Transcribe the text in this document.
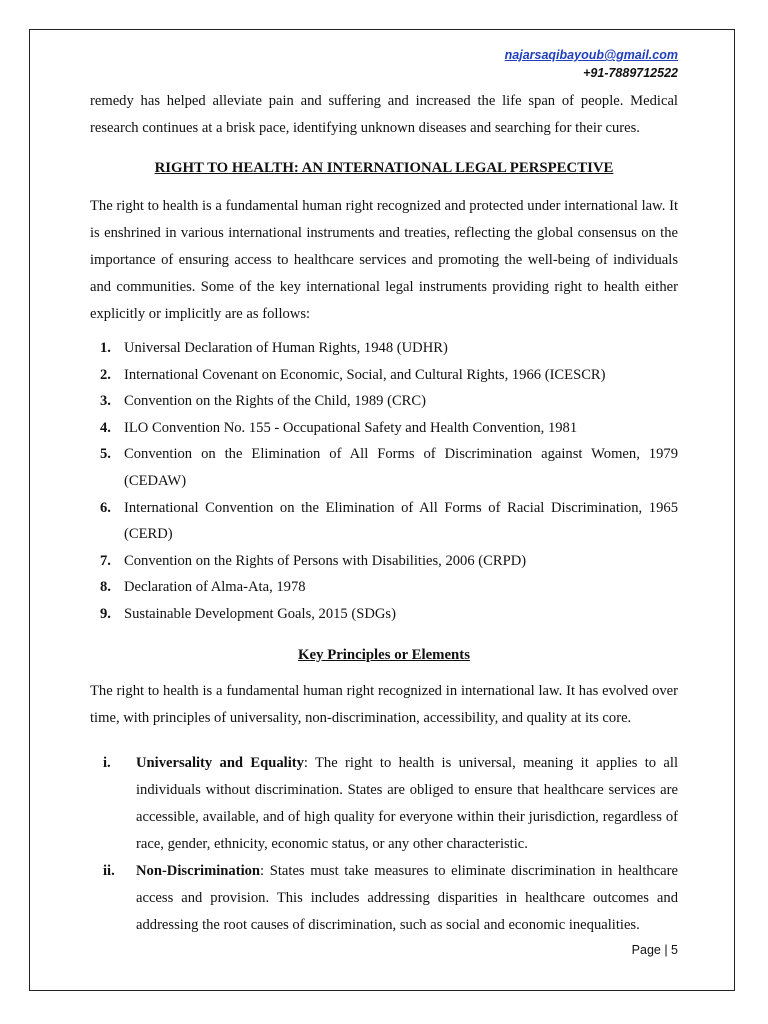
najarsaqibayoub@gmail.com
+91-7889712522

remedy has helped alleviate pain and suffering and increased the life span of people. Medical research continues at a brisk pace, identifying unknown diseases and searching for their cures.

RIGHT TO HEALTH: AN INTERNATIONAL LEGAL PERSPECTIVE

The right to health is a fundamental human right recognized and protected under international law. It is enshrined in various international instruments and treaties, reflecting the global consensus on the importance of ensuring access to healthcare services and promoting the well-being of individuals and communities. Some of the key international legal instruments providing right to health either explicitly or implicitly are as follows:

1. Universal Declaration of Human Rights, 1948 (UDHR)
2. International Covenant on Economic, Social, and Cultural Rights, 1966 (ICESCR)
3. Convention on the Rights of the Child, 1989 (CRC)
4. ILO Convention No. 155 - Occupational Safety and Health Convention, 1981
5. Convention on the Elimination of All Forms of Discrimination against Women, 1979 (CEDAW)
6. International Convention on the Elimination of All Forms of Racial Discrimination, 1965 (CERD)
7. Convention on the Rights of Persons with Disabilities, 2006 (CRPD)
8. Declaration of Alma-Ata, 1978
9. Sustainable Development Goals, 2015 (SDGs)
Key Principles or Elements

The right to health is a fundamental human right recognized in international law. It has evolved over time, with principles of universality, non-discrimination, accessibility, and quality at its core.

i.	Universality and Equality: The right to health is universal, meaning it applies to all individuals without discrimination. States are obliged to ensure that healthcare services are accessible, available, and of high quality for everyone within their jurisdiction, regardless of race, gender, ethnicity, economic status, or any other characteristic.
ii.	Non-Discrimination: States must take measures to eliminate discrimination in healthcare access and provision. This includes addressing disparities in healthcare outcomes and addressing the root causes of discrimination, such as social and economic inequalities.
Page | 5
